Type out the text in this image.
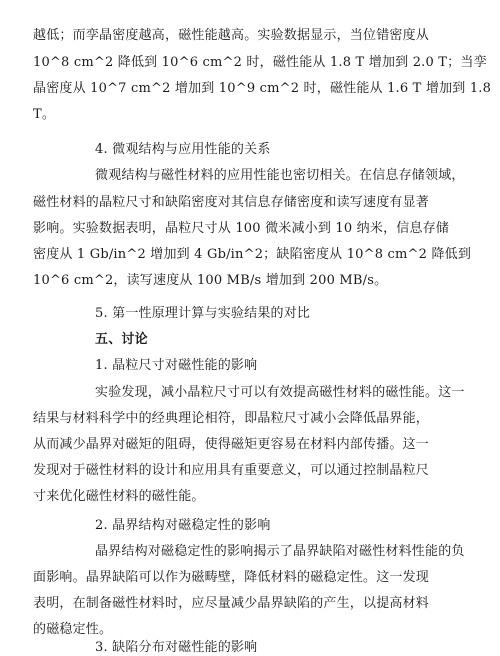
越低；而孪晶密度越高，磁性能越高。实验数据显示，当位错密度从
10^8 cm^2 降低到 10^6 cm^2 时，磁性能从 1.8 T 增加到 2.0 T；当孪
晶密度从 10^7 cm^2 增加到 10^9 cm^2 时，磁性能从 1.6 T 增加到 1.8
T。
4. 微观结构与应用性能的关系
微观结构与磁性材料的应用性能也密切相关。在信息存储领域，
磁性材料的晶粒尺寸和缺陷密度对其信息存储密度和读写速度有显著
影响。实验数据表明，晶粒尺寸从 100 微米减小到 10 纳米，信息存储
密度从 1 Gb/in^2 增加到 4 Gb/in^2；缺陷密度从 10^8 cm^2 降低到
10^6 cm^2，读写速度从 100 MB/s 增加到 200 MB/s。
5. 第一性原理计算与实验结果的对比
五、讨论
1. 晶粒尺寸对磁性能的影响
实验发现，减小晶粒尺寸可以有效提高磁性材料的磁性能。这一
结果与材料科学中的经典理论相符，即晶粒尺寸减小会降低晶界能，
从而减少晶界对磁矩的阻碍，使得磁矩更容易在材料内部传播。这一
发现对于磁性材料的设计和应用具有重要意义，可以通过控制晶粒尺
寸来优化磁性材料的磁性能。
2. 晶界结构对磁稳定性的影响
晶界结构对磁稳定性的影响揭示了晶界缺陷对磁性材料性能的负
面影响。晶界缺陷可以作为磁畴壁，降低材料的磁稳定性。这一发现
表明，在制备磁性材料时，应尽量减少晶界缺陷的产生，以提高材料
的磁稳定性。
3. 缺陷分布对磁性能的影响
